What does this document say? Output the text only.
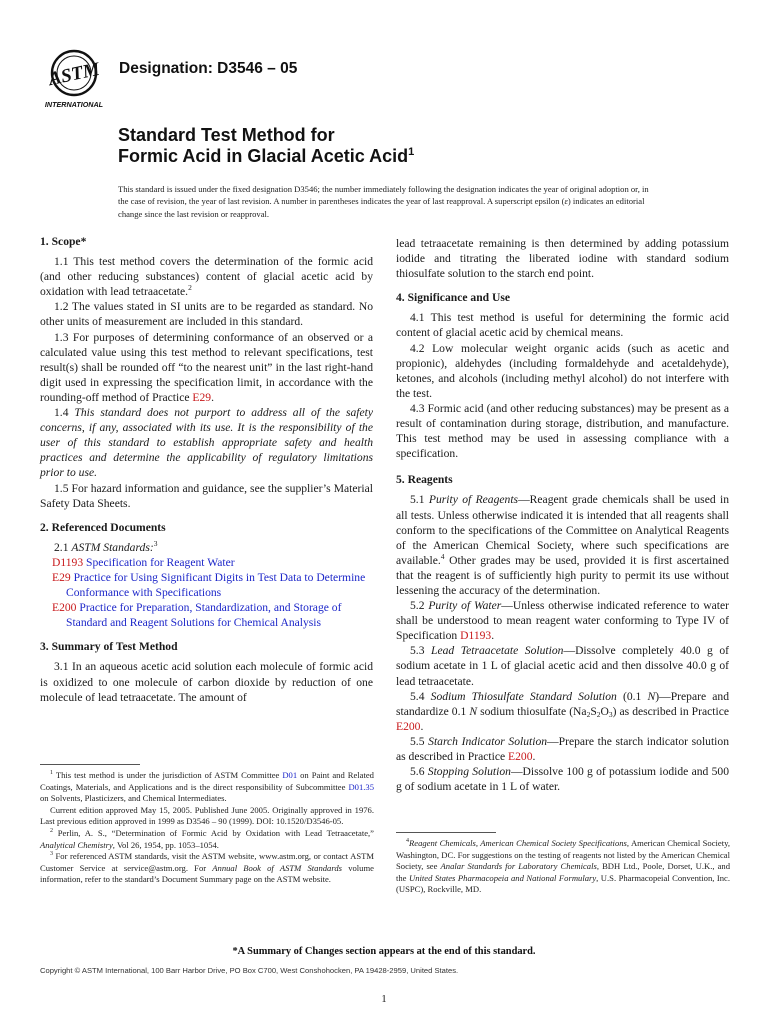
ASTM
INTERNATIONAL
Designation: D3546 – 05
Standard Test Method for
Formic Acid in Glacial Acetic Acid$^1$
This standard is issued under the fixed designation D3546; the number immediately following the designation indicates the year of original adoption or, in the case of revision, the year of last revision. A number in parentheses indicates the year of last reapproval. A superscript epsilon (ε) indicates an editorial change since the last revision or reapproval.
1. Scope*

1.1 This test method covers the determination of the formic acid (and other reducing substances) content of glacial acetic acid by oxidation with lead tetraacetate.$^2$

1.2 The values stated in SI units are to be regarded as standard. No other units of measurement are included in this standard.

1.3 For purposes of determining conformance of an observed or a calculated value using this test method to relevant specifications, test result(s) shall be rounded off “to the nearest unit” in the last right-hand digit used in expressing the specification limit, in accordance with the rounding-off method of Practice E29.

1.4 This standard does not purport to address all of the safety concerns, if any, associated with its use. It is the responsibility of the user of this standard to establish appropriate safety and health practices and determine the applicability of regulatory limitations prior to use.

1.5 For hazard information and guidance, see the supplier’s Material Safety Data Sheets.

2. Referenced Documents

2.1 ASTM Standards:$^3$

D1193 Specification for Reagent Water

E29 Practice for Using Significant Digits in Test Data to Determine Conformance with Specifications

E200 Practice for Preparation, Standardization, and Storage of Standard and Reagent Solutions for Chemical Analysis

3. Summary of Test Method

3.1 In an aqueous acetic acid solution each molecule of formic acid is oxidized to one molecule of carbon dioxide by reduction of one molecule of lead tetraacetate. The amount of

lead tetraacetate remaining is then determined by adding potassium iodide and titrating the liberated iodine with standard sodium thiosulfate solution to the starch end point.

4. Significance and Use

4.1 This test method is useful for determining the formic acid content of glacial acetic acid by chemical means.

4.2 Low molecular weight organic acids (such as acetic and propionic), aldehydes (including formaldehyde and acetaldehyde), ketones, and alcohols (including methyl alcohol) do not interfere with the test.

4.3 Formic acid (and other reducing substances) may be present as a result of contamination during storage, distribution, and manufacture. This test method may be used in assessing compliance with a specification.

5. Reagents

5.1 Purity of Reagents—Reagent grade chemicals shall be used in all tests. Unless otherwise indicated it is intended that all reagents shall conform to the specifications of the Committee on Analytical Reagents of the American Chemical Society, where such specifications are available.$^4$ Other grades may be used, provided it is first ascertained that the reagent is of sufficiently high purity to permit its use without lessening the accuracy of the determination.

5.2 Purity of Water—Unless otherwise indicated reference to water shall be understood to mean reagent water conforming to Type IV of Specification D1193.

5.3 Lead Tetraacetate Solution—Dissolve completely 40.0 g of sodium acetate in 1 L of glacial acetic acid and then dissolve 40.0 g of lead tetraacetate.

5.4 Sodium Thiosulfate Standard Solution (0.1 N)—Prepare and standardize 0.1 N sodium thiosulfate $(Na_2S_2O_3)$ as described in Practice E200.

5.5 Starch Indicator Solution—Prepare the starch indicator solution as described in Practice E200.

5.6 Stopping Solution—Dissolve 100 g of potassium iodide and 500 g of sodium acetate in 1 L of water.

$^1$ This test method is under the jurisdiction of ASTM Committee D01 on Paint and Related Coatings, Materials, and Applications and is the direct responsibility of Subcommittee D01.35 on Solvents, Plasticizers, and Chemical Intermediates.

Current edition approved May 15, 2005. Published June 2005. Originally approved in 1976. Last previous edition approved in 1999 as D3546 – 90 (1999). DOI: 10.1520/D3546-05.

$^2$ Perlin, A. S., “Determination of Formic Acid by Oxidation with Lead Tetraacetate,” Analytical Chemistry, Vol 26, 1954, pp. 1053–1054.

$^3$ For referenced ASTM standards, visit the ASTM website, www.astm.org, or contact ASTM Customer Service at service@astm.org. For Annual Book of ASTM Standards volume information, refer to the standard’s Document Summary page on the ASTM website.

$^4$Reagent Chemicals, American Chemical Society Specifications, American Chemical Society, Washington, DC. For suggestions on the testing of reagents not listed by the American Chemical Society, see Analar Standards for Laboratory Chemicals, BDH Ltd., Poole, Dorset, U.K., and the United States Pharmacopeia and National Formulary, U.S. Pharmacopeial Convention, Inc. (USPC), Rockville, MD.

*A Summary of Changes section appears at the end of this standard.
Copyright © ASTM International, 100 Barr Harbor Drive, PO Box C700, West Conshohocken, PA 19428-2959, United States.
1
